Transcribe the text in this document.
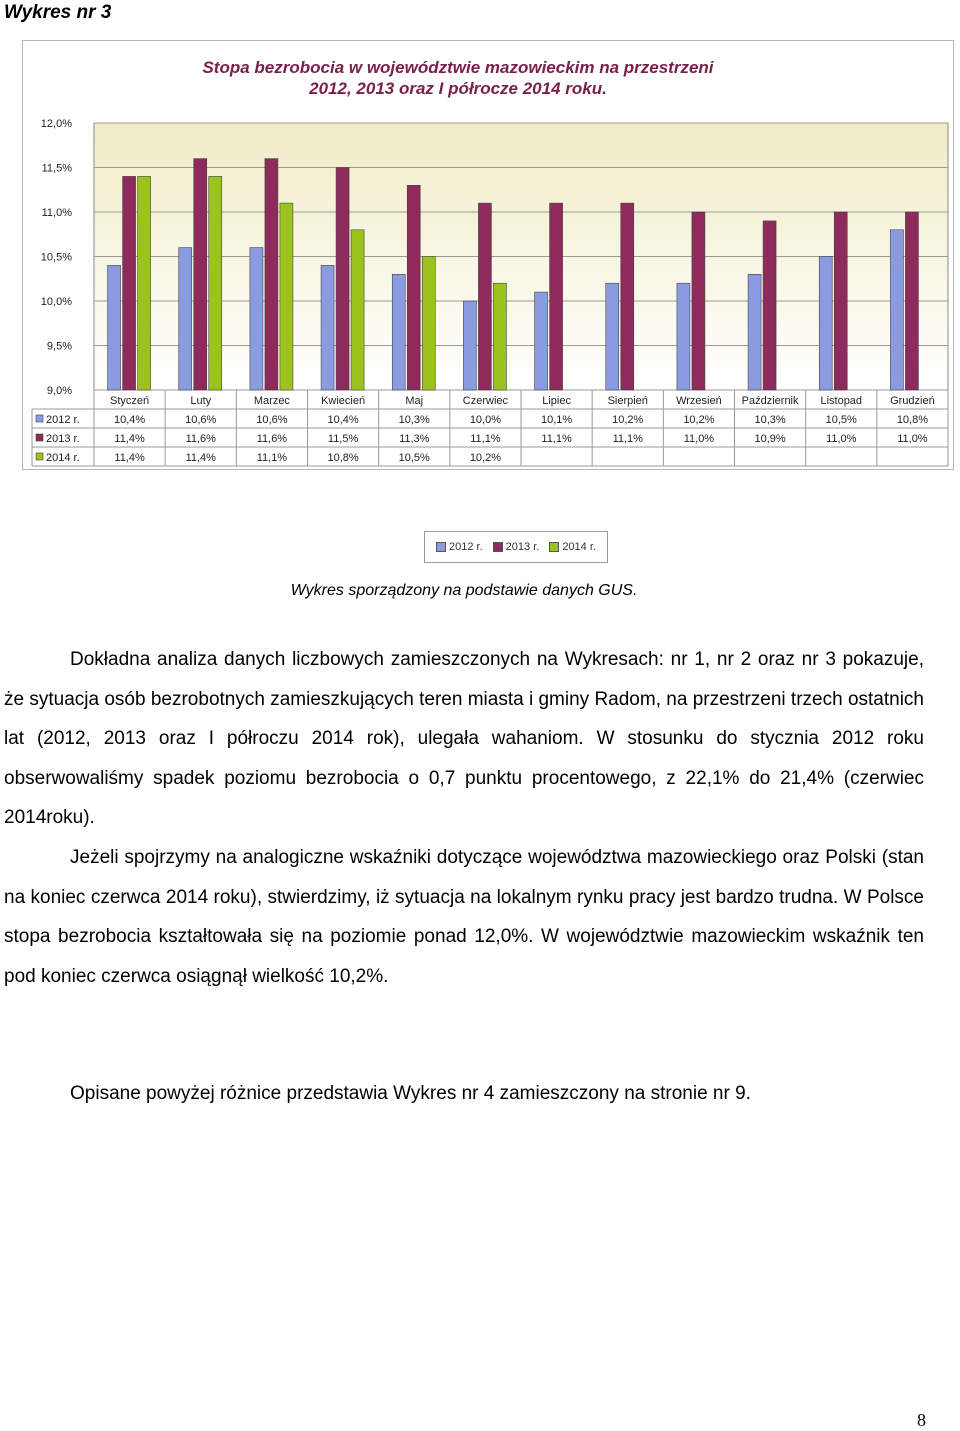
Wykres nr 3
Stopa bezrobocia w województwie mazowieckim na przestrzeni
2012, 2013 oraz I półrocze 2014 roku.
12,0%
11,5%
11,0%
10,5%
10,0%
9,5%
9,0%
Styczeń	Luty	Marzec	Kwiecień	Maj	Czerwiec	Lipiec	Sierpień	Wrzesień Październik Listopad	Grudzień
2012 r.	10,4%	10,6%	10,6%	10,4%	10,3%	10,0%	10,1%	10,2%	10,2%	10,3%	10,5%	10,8%
2013 r.	11,4%	11,6%	11,6%	11,5%	11,3%	11,1%	11,1%	11,1%	11,0%	10,9%	11,0%	11,0%
2014 r.	11,4%	11,4%	11,1%	10,8%	10,5%	10,2%
2012 r. 2013 r. 2014 r.
Wykres sporządzony na podstawie danych GUS.
Dokładna analiza danych liczbowych zamieszczonych na Wykresach: nr 1, nr 2 oraz nr 3 pokazuje, że sytuacja osób bezrobotnych zamieszkujących teren miasta i gminy Radom, na przestrzeni trzech ostatnich lat (2012, 2013 oraz I półroczu 2014 rok), ulegała wahaniom. W stosunku do stycznia 2012 roku obserwowaliśmy spadek poziomu bezrobocia o 0,7 punktu procentowego, z 22,1% do 21,4% (czerwiec 2014roku).
Jeżeli spojrzymy na analogiczne wskaźniki dotyczące województwa mazowieckiego oraz Polski (stan na koniec czerwca 2014 roku), stwierdzimy, iż sytuacja na lokalnym rynku pracy jest bardzo trudna. W Polsce stopa bezrobocia kształtowała się na poziomie ponad 12,0%. W województwie mazowieckim wskaźnik ten pod koniec czerwca osiągnął wielkość 10,2%.
Opisane powyżej różnice przedstawia Wykres nr 4 zamieszczony na stronie nr 9.
8
